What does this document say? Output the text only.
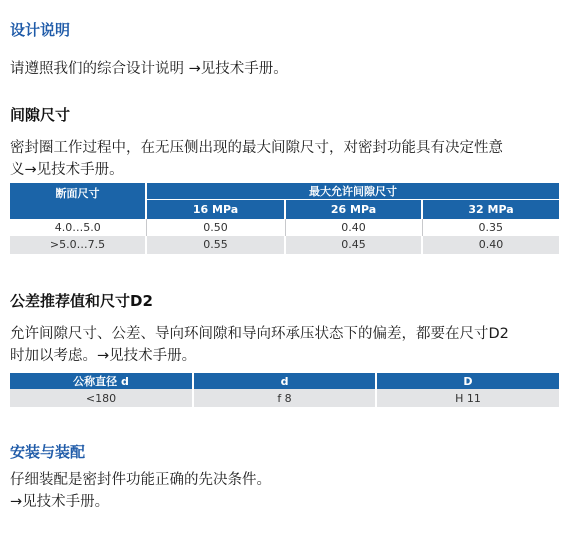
设计说明
请遵照我们的综合设计说明 →见技术手册。
间隙尺寸
密封圈工作过程中，在无压侧出现的最大间隙尺寸，对密封功能具有决定性意
义→见技术手册。
断面尺寸	最大允许间隙尺寸		
	16 MPa	26 MPa	32 MPa
4.0…5.0	0.50	0.40	0.35
>5.0…7.5	0.55	0.45	0.40
公差推荐值和尺寸D2
允许间隙尺寸、公差、导向环间隙和导向环承压状态下的偏差，都要在尺寸D2
时加以考虑。→见技术手册。
公称直径 d	d	D
<180	f 8	H 11
安装与装配
仔细装配是密封件功能正确的先决条件。
→见技术手册。
